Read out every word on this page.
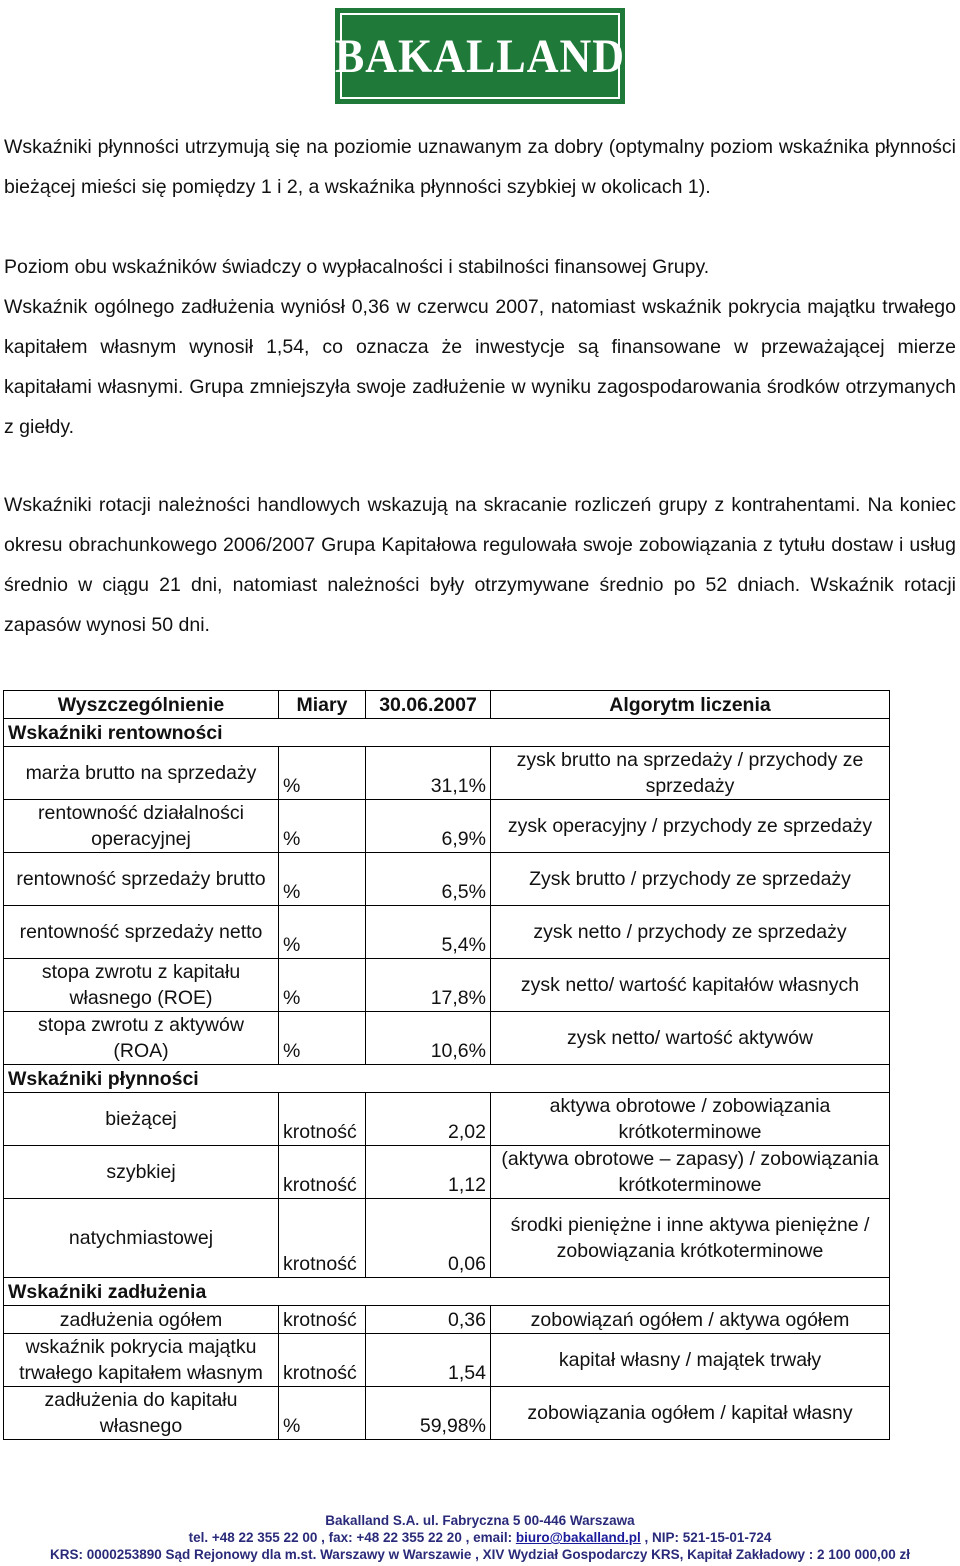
BAKALLAND

Wskaźniki płynności utrzymują się na poziomie uznawanym za dobry (optymalny poziom wskaźnika płynności bieżącej mieści się pomiędzy 1 i 2, a wskaźnika płynności szybkiej w okolicach 1).

Poziom obu wskaźników świadczy o wypłacalności i stabilności finansowej Grupy.

Wskaźnik ogólnego zadłużenia wyniósł 0,36 w czerwcu 2007, natomiast wskaźnik pokrycia majątku trwałego kapitałem własnym wynosił 1,54, co oznacza że inwestycje są finansowane w przeważającej mierze kapitałami własnymi. Grupa zmniejszyła swoje zadłużenie w wyniku zagospodarowania środków otrzymanych z giełdy.

Wskaźniki rotacji należności handlowych wskazują na skracanie rozliczeń grupy z kontrahentami. Na koniec okresu obrachunkowego 2006/2007 Grupa Kapitałowa regulowała swoje zobowiązania z tytułu dostaw i usług średnio w ciągu 21 dni, natomiast należności były otrzymywane średnio po 52 dniach. Wskaźnik rotacji zapasów wynosi 50 dni.

Wyszczególnienie	Miary	30.06.2007	Algorytm liczenia
Wskaźniki rentowności			
marża brutto na sprzedaży	%	31,1%	zysk brutto na sprzedaży / przychody ze sprzedaży
rentowność działalności operacyjnej	%	6,9%	zysk operacyjny / przychody ze sprzedaży
rentowność sprzedaży brutto	%	6,5%	Zysk brutto / przychody ze sprzedaży
rentowność sprzedaży netto	%	5,4%	zysk netto / przychody ze sprzedaży
stopa zwrotu z kapitału własnego (ROE)	%	17,8%	zysk netto/ wartość kapitałów własnych
stopa zwrotu z aktywów (ROA)	%	10,6%	zysk netto/ wartość aktywów
Wskaźniki płynności			
bieżącej	krotność	2,02	aktywa obrotowe / zobowiązania krótkoterminowe
szybkiej	krotność	1,12	(aktywa obrotowe – zapasy) / zobowiązania krótkoterminowe
natychmiastowej	krotność	0,06	środki pieniężne i inne aktywa pieniężne / zobowiązania krótkoterminowe
Wskaźniki zadłużenia			
zadłużenia ogółem	krotność	0,36	zobowiązań ogółem / aktywa ogółem
wskaźnik pokrycia majątku trwałego kapitałem własnym	krotność	1,54	kapitał własny / majątek trwały
zadłużenia do kapitału własnego	%	59,98%	zobowiązania ogółem / kapitał własny
Bakalland S.A. ul. Fabryczna 5 00-446 Warszawa
tel. +48 22 355 22 00 , fax: +48 22 355 22 20 , email: biuro@bakalland.pl , NIP: 521-15-01-724
KRS: 0000253890 Sąd Rejonowy dla m.st. Warszawy w Warszawie , XIV Wydział Gospodarczy KRS, Kapitał Zakładowy : 2 100 000,00 zł
